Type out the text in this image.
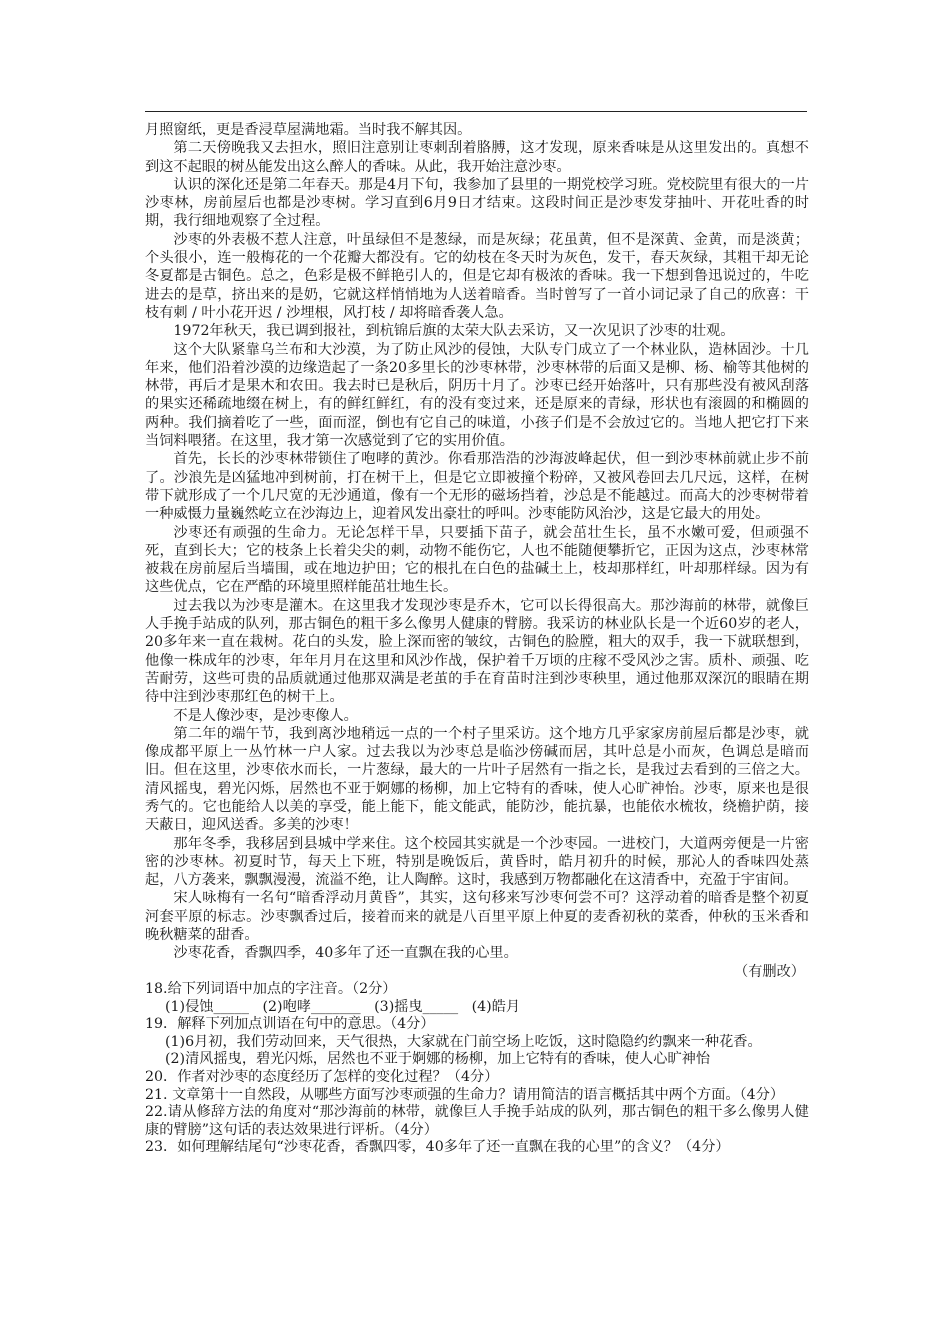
月照窗纸，更是香浸草屋满地霜。当时我不解其因。

第二天傍晚我又去担水，照旧注意别让枣刺刮着胳膊，这才发现，原来香味是从这里发出的。真想不到这不起眼的树丛能发出这么醉人的香味。从此，我开始注意沙枣。

认识的深化还是第二年春天。那是4月下旬，我参加了县里的一期党校学习班。党校院里有很大的一片沙枣林，房前屋后也都是沙枣树。学习直到6月9日才结束。这段时间正是沙枣发芽抽叶、开花吐香的时期，我行细地观察了全过程。

沙枣的外表极不惹人注意，叶虽绿但不是葱绿，而是灰绿；花虽黄，但不是深黄、金黄，而是淡黄；个头很小，连一般梅花的一个花瓣大都没有。它的幼枝在冬天时为灰色，发干，春天灰绿，其粗干却无论冬夏都是古铜色。总之，色彩是极不鲜艳引人的，但是它却有极浓的香味。我一下想到鲁迅说过的，牛吃进去的是草，挤出来的是奶，它就这样悄悄地为人送着暗香。当时曾写了一首小词记录了自己的欣喜：干枝有刺 / 叶小花开迟 / 沙埋根，风打枝 / 却将暗香袭人急。

1972年秋天，我已调到报社，到杭锦后旗的太荣大队去采访，又一次见识了沙枣的壮观。

这个大队紧靠乌兰布和大沙漠，为了防止风沙的侵蚀，大队专门成立了一个林业队，造林固沙。十几年来，他们沿着沙漠的边缘造起了一条20多里长的沙枣林带，沙枣林带的后面又是柳、杨、榆等其他树的林带，再后才是果木和农田。我去时已是秋后，阴历十月了。沙枣已经开始落叶，只有那些没有被风刮落的果实还稀疏地缀在树上，有的鲜红鲜红，有的没有变过来，还是原来的青绿，形状也有滚圆的和椭圆的两种。我们摘着吃了一些，面而涩，倒也有它自己的味道，小孩子们是不会放过它的。当地人把它打下来当饲料喂猪。在这里，我才第一次感觉到了它的实用价值。

首先，长长的沙枣林带锁住了咆哮的黄沙。你看那浩浩的沙海波峰起伏，但一到沙枣林前就止步不前了。沙浪先是凶猛地冲到树前，打在树干上，但是它立即被撞个粉碎，又被风卷回去几尺远，这样，在树带下就形成了一个几尺宽的无沙通道，像有一个无形的磁场挡着，沙总是不能越过。而高大的沙枣树带着一种威慑力量巍然屹立在沙海边上，迎着风发出豪壮的呼叫。沙枣能防风治沙，这是它最大的用处。

沙枣还有顽强的生命力。无论怎样干旱，只要插下苗子，就会茁壮生长，虽不水嫩可爱，但顽强不死，直到长大；它的枝条上长着尖尖的刺，动物不能伤它，人也不能随便攀折它，正因为这点，沙枣林常被栽在房前屋后当墙围，或在地边护田；它的根扎在白色的盐碱土上，枝却那样红，叶却那样绿。因为有这些优点，它在严酷的环境里照样能茁壮地生长。

过去我以为沙枣是灌木。在这里我才发现沙枣是乔木，它可以长得很高大。那沙海前的林带，就像巨人手挽手站成的队列，那古铜色的粗干多么像男人健康的臂膀。我采访的林业队长是一个近60岁的老人，20多年来一直在栽树。花白的头发，脸上深而密的皱纹，古铜色的脸膛，粗大的双手，我一下就联想到，他像一株成年的沙枣，年年月月在这里和风沙作战，保护着千万顷的庄稼不受风沙之害。质朴、顽强、吃苦耐劳，这些可贵的品质就通过他那双满是老茧的手在育苗时注到沙枣秧里，通过他那双深沉的眼睛在期待中注到沙枣那红色的树干上。

不是人像沙枣，是沙枣像人。

第二年的端午节，我到离沙地稍远一点的一个村子里采访。这个地方几乎家家房前屋后都是沙枣，就像成都平原上一丛竹林一户人家。过去我以为沙枣总是临沙傍碱而居，其叶总是小而灰，色调总是暗而旧。但在这里，沙枣依水而长，一片葱绿，最大的一片叶子居然有一指之长，是我过去看到的三倍之大。清风摇曳，碧光闪烁，居然也不亚于婀娜的杨柳，加上它特有的香味，使人心旷神怡。沙枣，原来也是很秀气的。它也能给人以美的享受，能上能下，能文能武，能防沙，能抗暴，也能依水梳妆，绕檐护荫，接天蔽日，迎风送香。多美的沙枣！

那年冬季，我移居到县城中学来住。这个校园其实就是一个沙枣园。一进校门，大道两旁便是一片密密的沙枣林。初夏时节，每天上下班，特别是晚饭后，黄昏时，皓月初升的时候，那沁人的香味四处蒸起，八方袭来，飘飘漫漫，流溢不绝，让人陶醉。这时，我感到万物都融化在这清香中，充盈于宇宙间。

宋人咏梅有一名句“暗香浮动月黄昏”，其实，这句移来写沙枣何尝不可？这浮动着的暗香是整个初夏河套平原的标志。沙枣飘香过后，接着而来的就是八百里平原上仲夏的麦香初秋的菜香，仲秋的玉米香和晚秋糖菜的甜香。

沙枣花香，香飘四季，40多年了还一直飘在我的心里。

（有删改）

18.给下列词语中加点的字注音。（2分）

(1)侵蚀_____   (2)咆哮_______   (3)摇曳_____   (4)皓月

19．解释下列加点训语在句中的意思。（4分）

(1)6月初，我们劳动回来，天气很热，大家就在门前空场上吃饭，这时隐隐约约飘来一种花香。

(2)清风摇曳，碧光闪烁，居然也不亚于婀娜的杨柳，加上它特有的香味，使人心旷神怡

20．作者对沙枣的态度经历了怎样的变化过程？（4分）

21. 文章第十一自然段，从哪些方面写沙枣顽强的生命力？请用简洁的语言概括其中两个方面。（4分）

22.请从修辞方法的角度对“那沙海前的林带，就像巨人手挽手站成的队列，那古铜色的粗干多么像男人健康的臂膀”这句话的表达效果进行评析。（4分）

23．如何理解结尾句“沙枣花香，香飘四零，40多年了还一直飘在我的心里”的含义？（4分）
